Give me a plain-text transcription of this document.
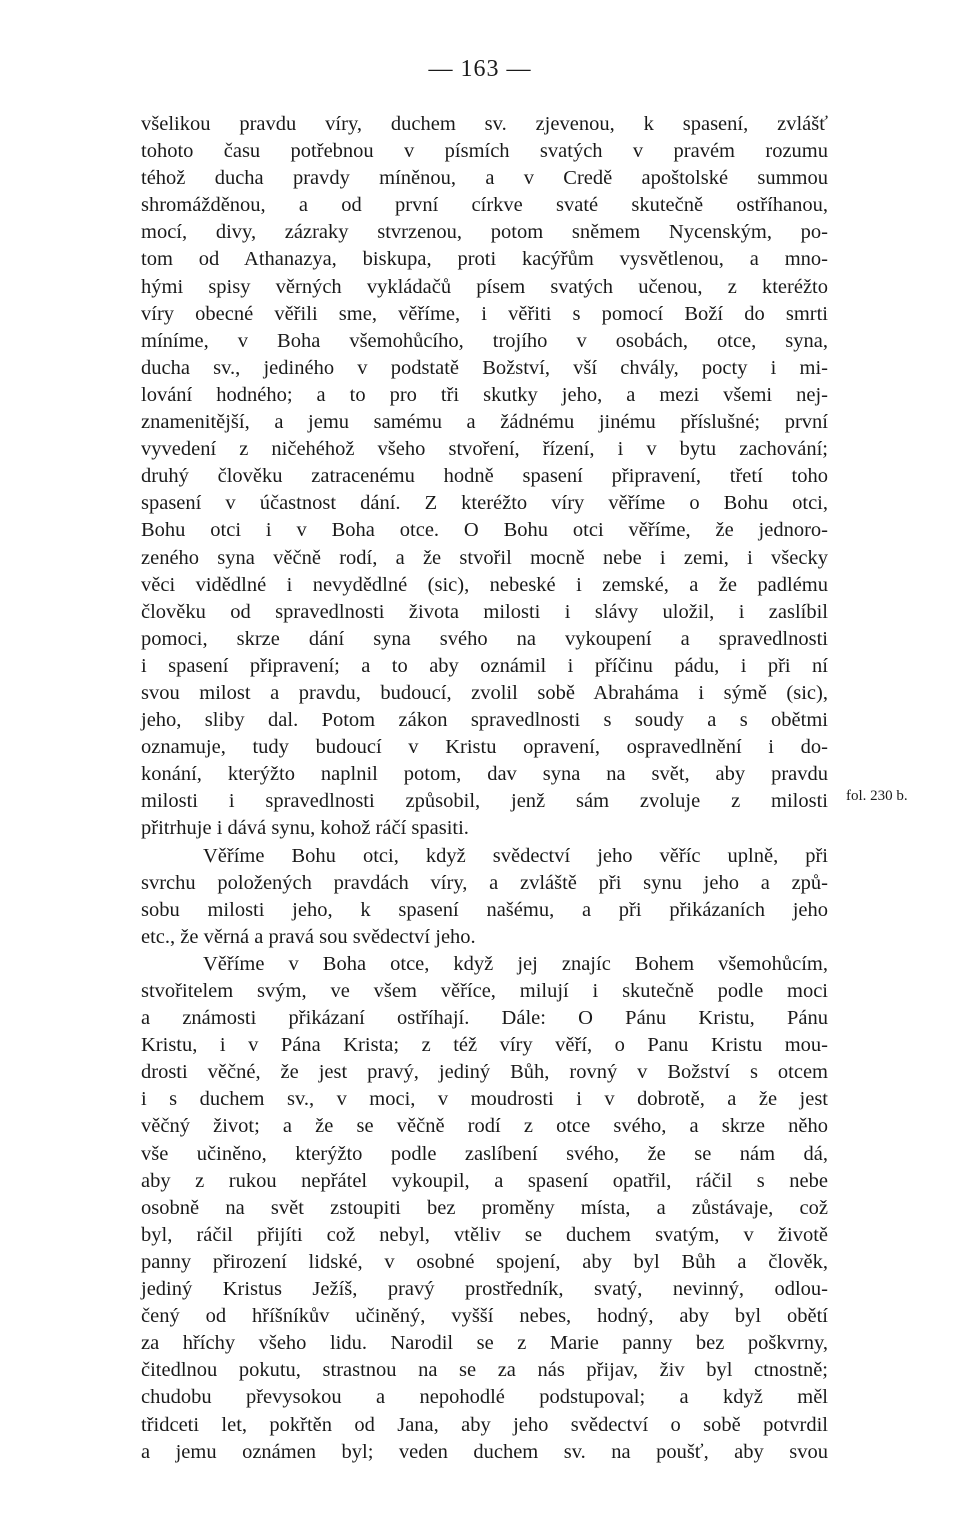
— 163 —
všelikou pravdu víry, duchem sv. zjevenou, k spasení, zvlášť
tohoto času potřebnou v písmích svatých v pravém rozumu
téhož ducha pravdy míněnou, a v Credě apoštolské summou
shromážděnou, a od první církve svaté skutečně ostříhanou,
mocí, divy, zázraky stvrzenou, potom sněmem Nycenským, po-
tom od Athanazya, biskupa, proti kacýřům vysvětlenou, a mno-
hými spisy věrných vykládačů písem svatých učenou, z kteréžto
víry obecné věřili sme, věříme, i věřiti s pomocí Boží do smrti
míníme, v Boha všemohůcího, trojího v osobách, otce, syna,
ducha sv., jediného v podstatě Božství, vší chvály, pocty i mi-
lování hodného; a to pro tři skutky jeho, a mezi všemi nej-
znamenitější, a jemu samému a žádnému jinému příslušné; první
vyvedení z ničehéhož všeho stvoření, řízení, i v bytu zachování;
druhý člověku zatracenému hodně spasení připravení, třetí toho
spasení v účastnost dání. Z kteréžto víry věříme o Bohu otci,
Bohu otci i v Boha otce. O Bohu otci věříme, že jednoro-
zeného syna věčně rodí, a že stvořil mocně nebe i zemi, i všecky
věci vidědlné i nevydědlné (sic), nebeské i zemské, a že padlému
člověku od spravedlnosti života milosti i slávy uložil, i zaslíbil
pomoci, skrze dání syna svého na vykoupení a spravedlnosti
i spasení připravení; a to aby oznámil i příčinu pádu, i při ní
svou milost a pravdu, budoucí, zvolil sobě Abraháma i sýmě (sic),
jeho, sliby dal. Potom zákon spravedlnosti s soudy a s obětmi
oznamuje, tudy budoucí v Kristu opravení, ospravedlnění i do-
konání, kterýžto naplnil potom, dav syna na svět, aby pravdu
milosti i spravedlnosti způsobil, jenž sám zvoluje z milosti
přitrhuje i dává synu, kohož ráčí spasiti.
Věříme Bohu otci, když svědectví jeho věříc uplně, při
svrchu položených pravdách víry, a zvláště při synu jeho a způ-
sobu milosti jeho, k spasení našému, a při přikázaních jeho
etc., že věrná a pravá sou svědectví jeho.
Věříme v Boha otce, když jej znajíc Bohem všemohůcím,
stvořitelem svým, ve všem věříce, milují i skutečně podle moci
a známosti přikázaní ostříhají. Dále: O Pánu Kristu, Pánu
Kristu, i v Pána Krista; z též víry věří, o Panu Kristu mou-
drosti věčné, že jest pravý, jediný Bůh, rovný v Božství s otcem
i s duchem sv., v moci, v moudrosti i v dobrotě, a že jest
věčný život; a že se věčně rodí z otce svého, a skrze něho
vše učiněno, kterýžto podle zaslíbení svého, že se nám dá,
aby z rukou nepřátel vykoupil, a spasení opatřil, ráčil s nebe
osobně na svět zstoupiti bez proměny místa, a zůstávaje, což
byl, ráčil přijíti což nebyl, vtěliv se duchem svatým, v životě
panny přirození lidské, v osobné spojení, aby byl Bůh a člověk,
jediný Kristus Ježíš, pravý prostředník, svatý, nevinný, odlou-
čený od hříšníkův učiněný, vyšší nebes, hodný, aby byl obětí
za hříchy všeho lidu. Narodil se z Marie panny bez poškvrny,
čitedlnou pokutu, strastnou na se za nás přijav, živ byl ctnostně;
chudobu převysokou a nepohodlé podstupoval; a když měl
třidceti let, pokřtěn od Jana, aby jeho svědectví o sobě potvrdil
a jemu oznámen byl; veden duchem sv. na poušť, aby svou
fol. 230 b.
